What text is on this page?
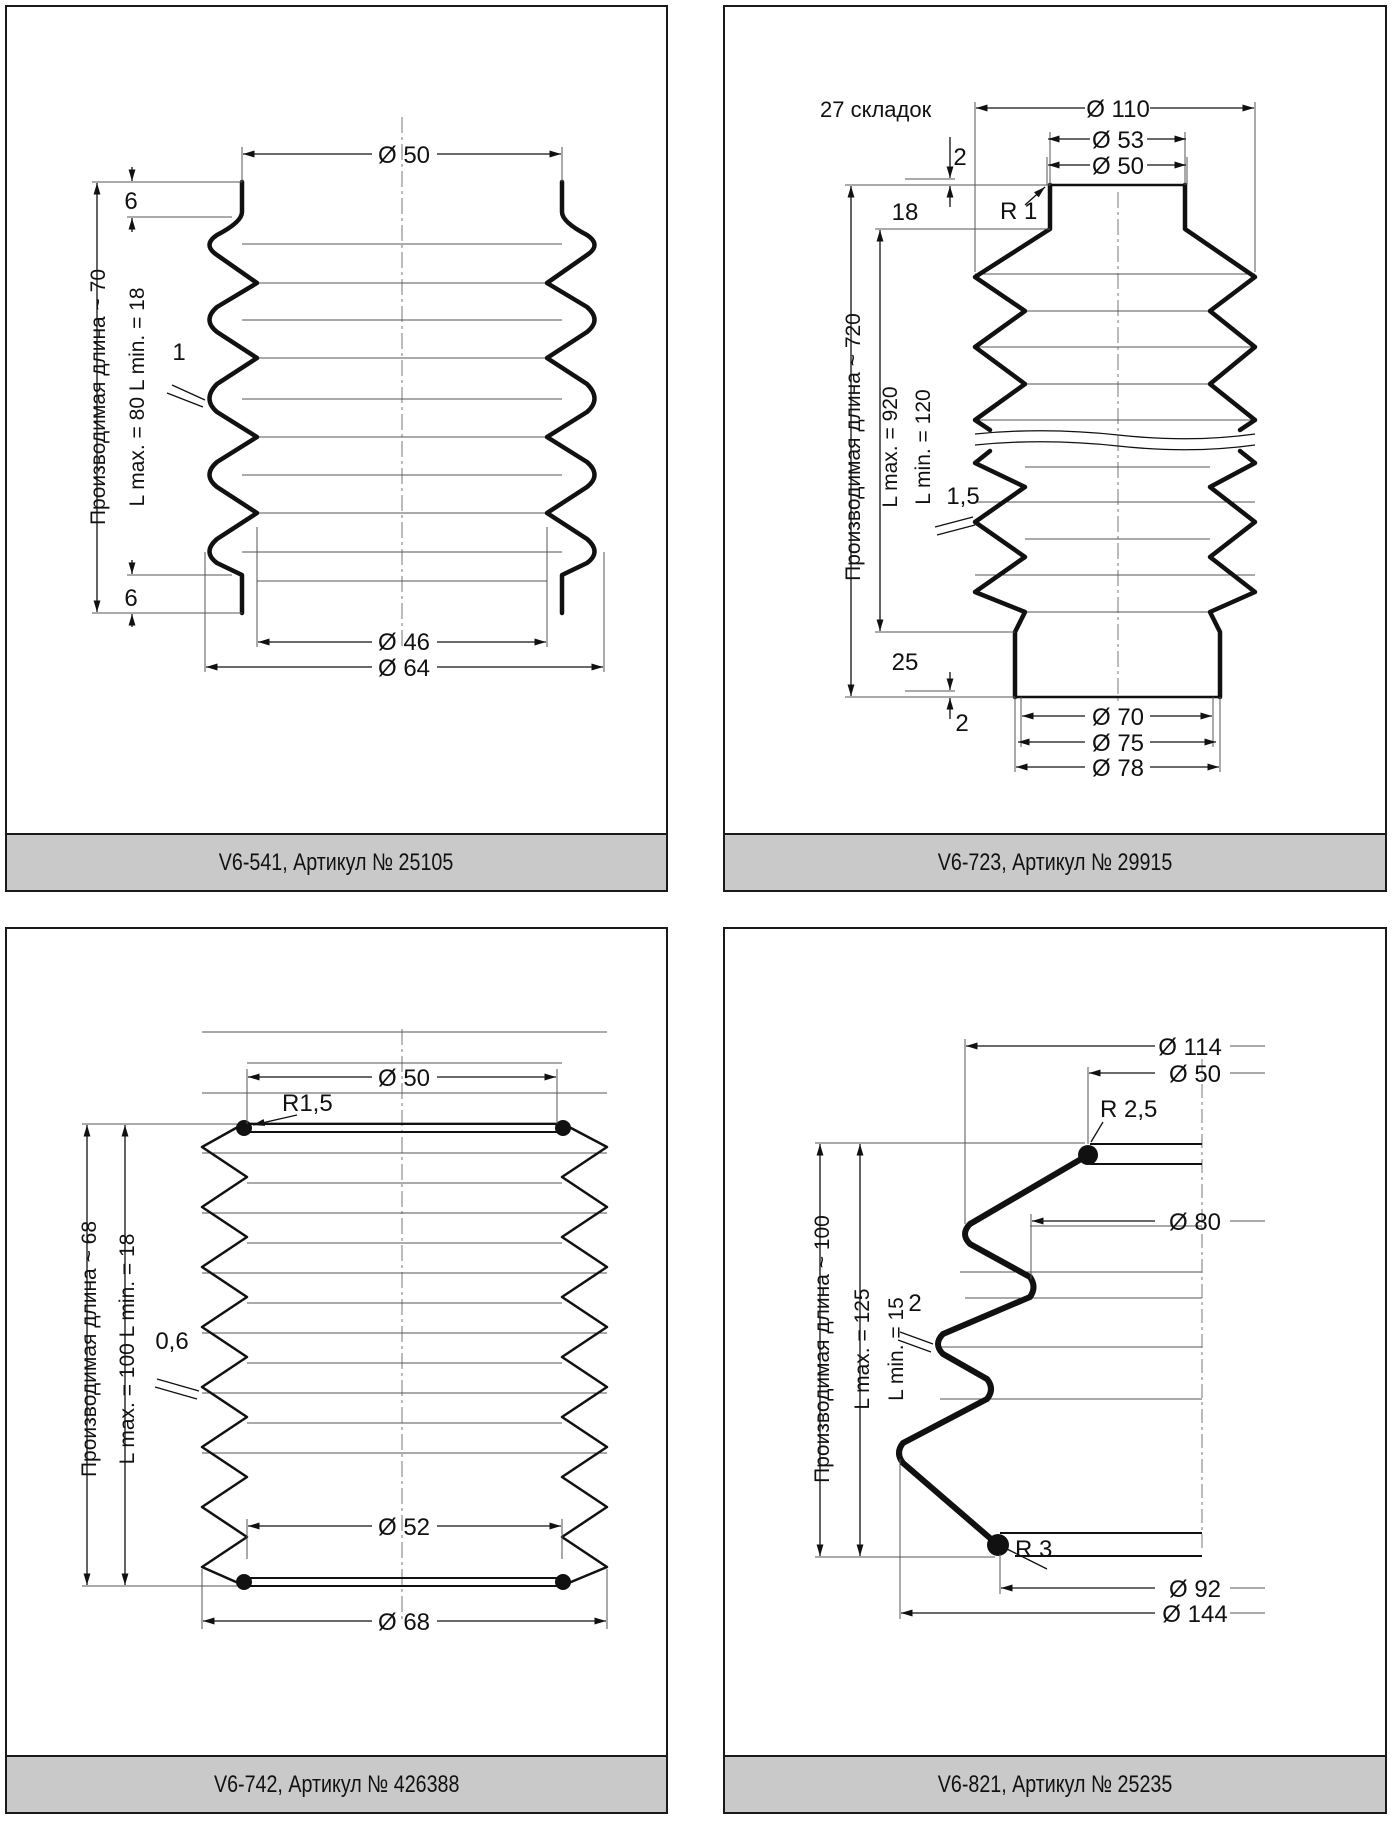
Ø 50
6
6
Производимая длина ~ 70 L max. = 80 L min. = 18 1
Ø 46
Ø 64
V6-541, Артикул № 25105
27 складок	Ø 110
Ø 53
Ø 50
2
18	R 1
Производимая длина ~ 720 L max. = 920 L min. = 120 1,5
25
2	Ø 70
Ø 75
Ø 78
V6-723, Артикул № 29915
Ø 50
R1,5
Производимая длина ~ 68 L max. = 100 L min. = 18 0,6
Ø 52
Ø 68
V6-742, Артикул № 426388
Ø 114
Ø 50
R 2,5
Ø 80
Производимая длина ~ 100 L max. = 125 L min. = 15 2
R 3
Ø 92
Ø 144
V6-821, Артикул № 25235
